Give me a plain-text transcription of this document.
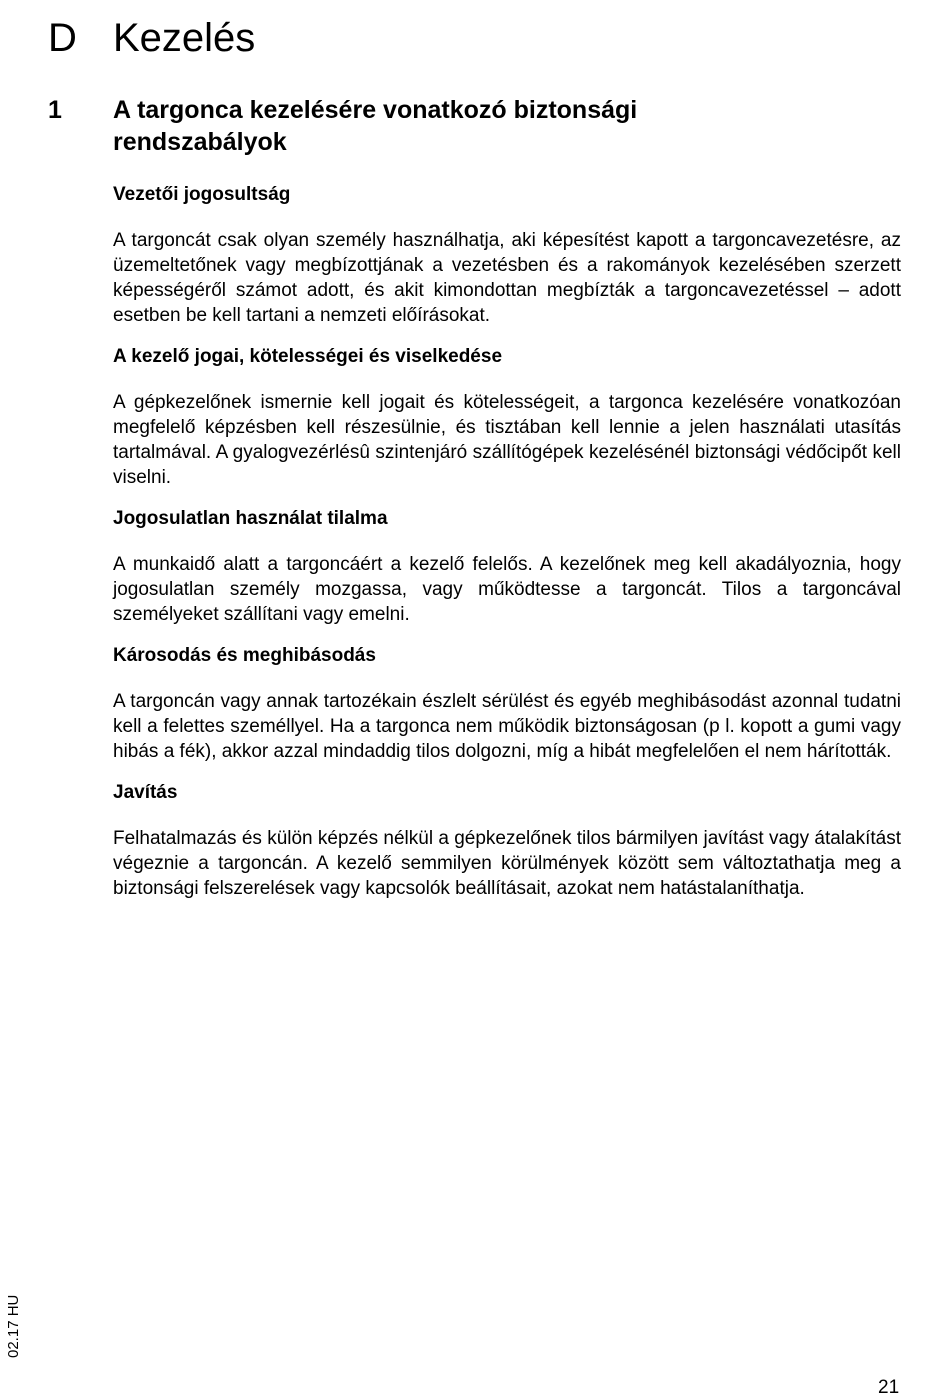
D Kezelés
1 A targonca kezelésére vonatkozó biztonsági rendszabályok
Vezetői jogosultság

A targoncát csak olyan személy használhatja, aki képesítést kapott a targoncavezetésre, az üzemeltetőnek vagy megbízottjának a vezetésben és a rakományok kezelésében szerzett képességéről számot adott, és akit kimondottan megbízták a targoncavezetéssel – adott esetben be kell tartani a nemzeti előírásokat.

A kezelő jogai, kötelességei és viselkedése

A gépkezelőnek ismernie kell jogait és kötelességeit, a targonca kezelésére vonatkozóan megfelelő képzésben kell részesülnie, és tisztában kell lennie a jelen használati utasítás tartalmával. A gyalogvezérlésû szintenjáró szállítógépek kezelésénél biztonsági védőcipőt kell viselni.

Jogosulatlan használat tilalma

A munkaidő alatt a targoncáért a kezelő felelős. A kezelőnek meg kell akadályoznia, hogy jogosulatlan személy mozgassa, vagy működtesse a targoncát. Tilos a targoncával személyeket szállítani vagy emelni.

Károsodás és meghibásodás

A targoncán vagy annak tartozékain észlelt sérülést és egyéb meghibásodást azonnal tudatni kell a felettes személlyel. Ha a targonca nem működik biztonságosan (p l. kopott a gumi vagy hibás a fék), akkor azzal mindaddig tilos dolgozni, míg a hibát megfelelően el nem hárították.

Javítás

Felhatalmazás és külön képzés nélkül a gépkezelőnek tilos bármilyen javítást vagy átalakítást végeznie a targoncán. A kezelő semmilyen körülmények között sem változtathatja meg a biztonsági felszerelések vagy kapcsolók beállításait, azokat nem hatástalaníthatja.

02.17 HU
21
